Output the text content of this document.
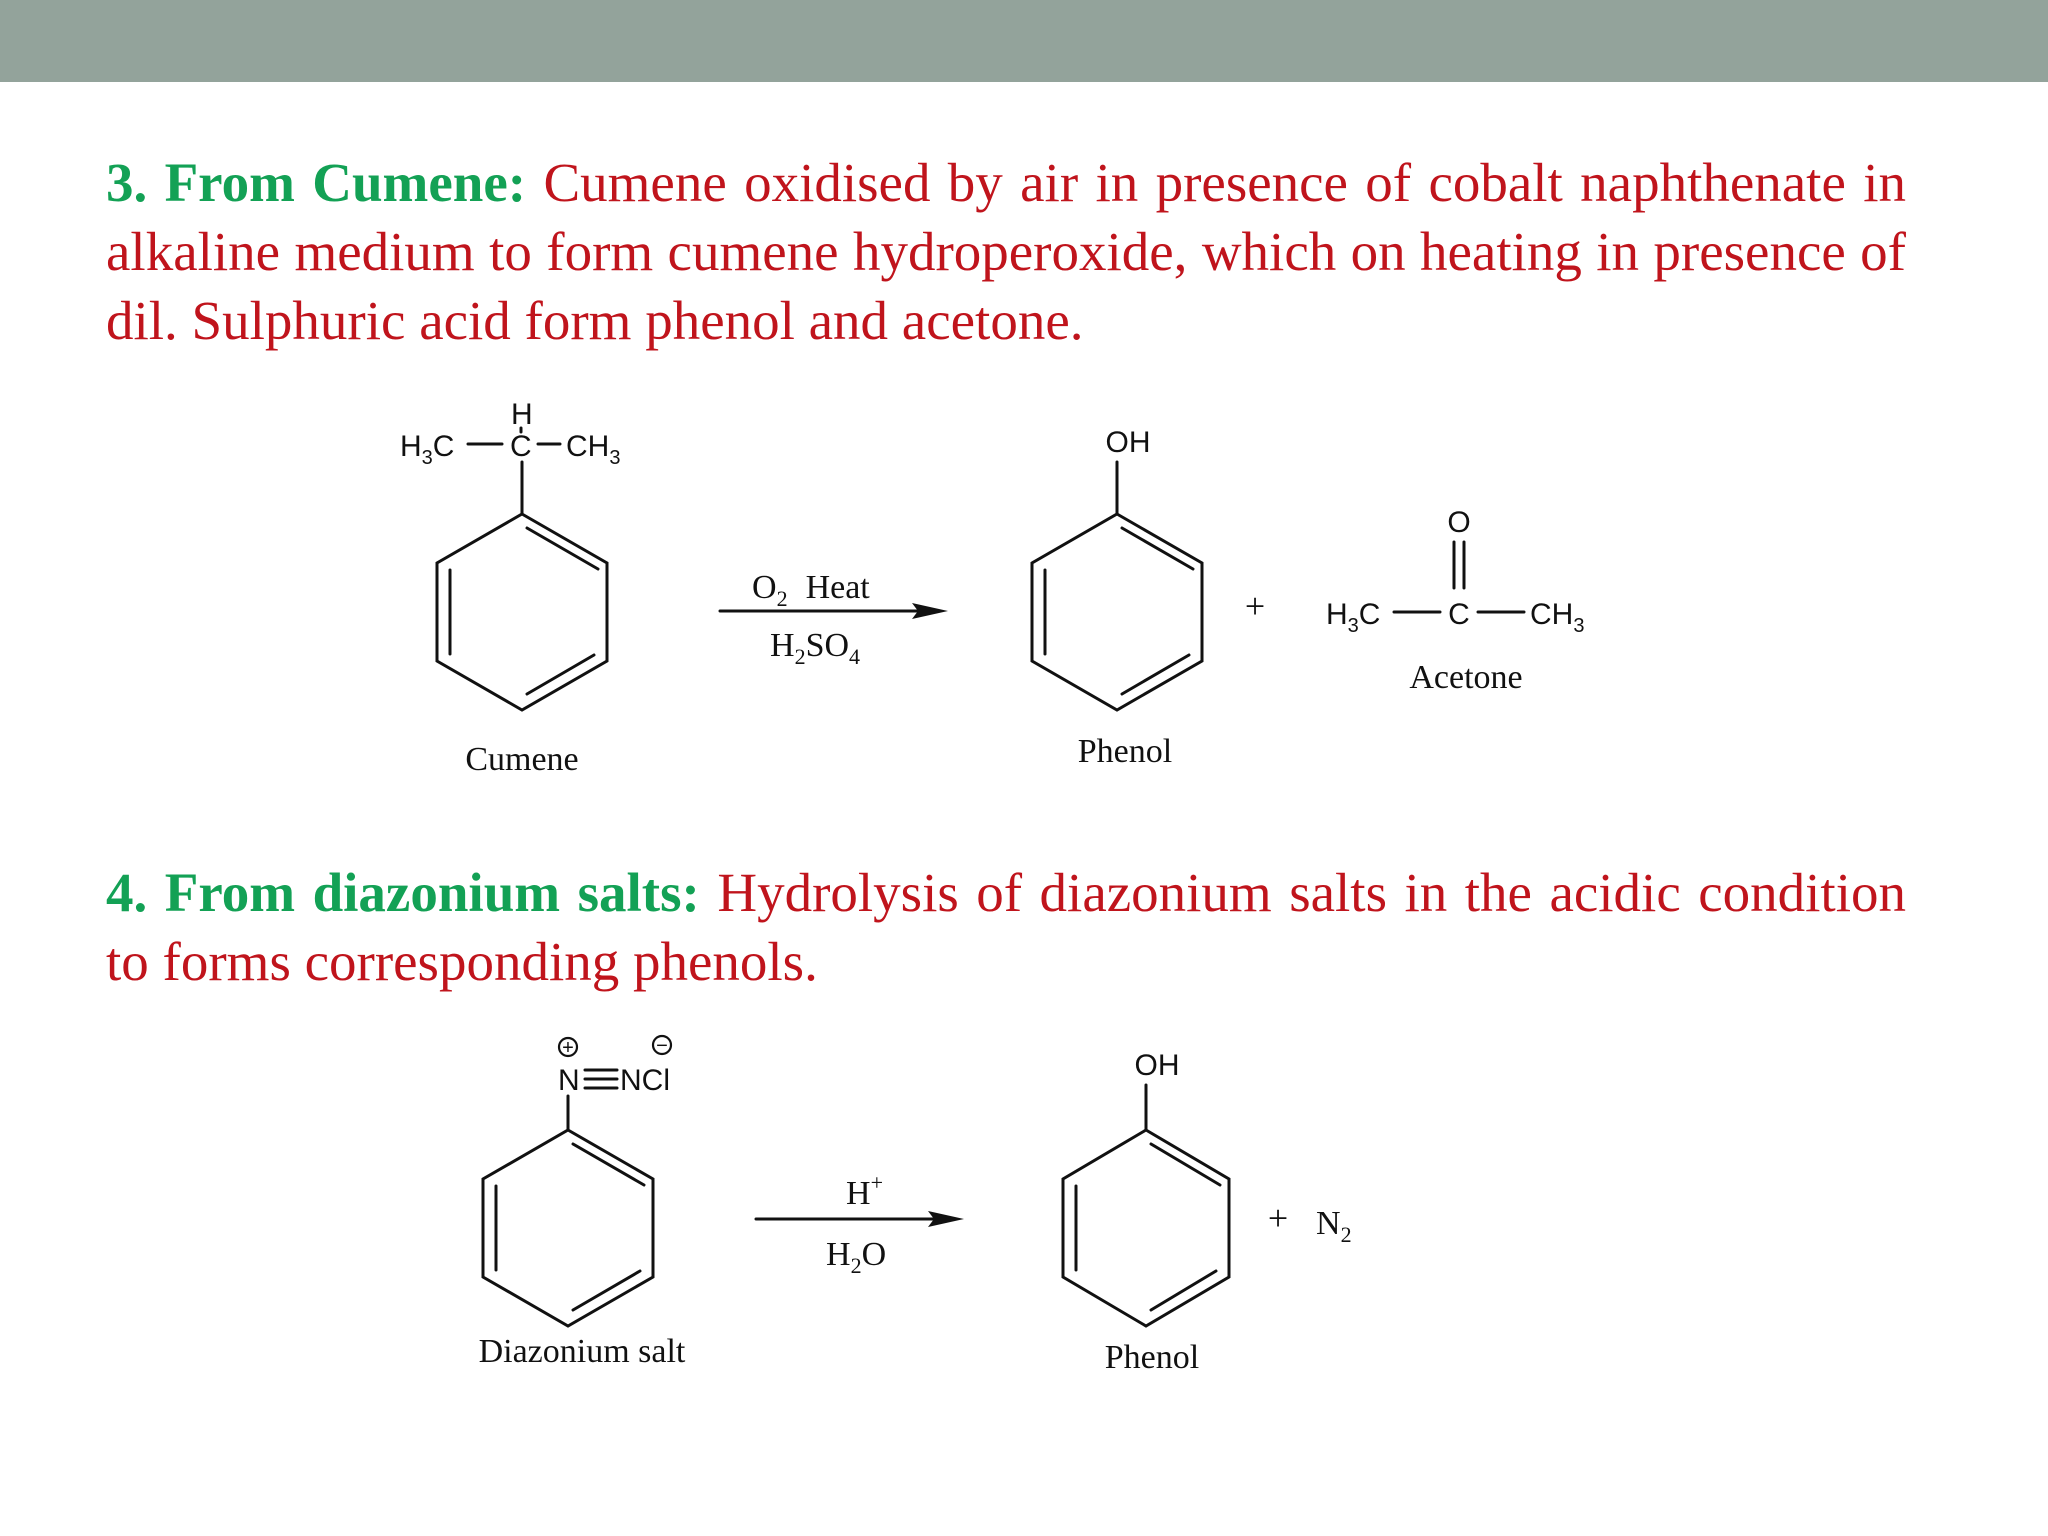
3. From Cumene: Cumene oxidised by air in presence of cobalt naphthenate in alkaline medium to form cumene hydroperoxide, which on heating in presence of dil. Sulphuric acid form phenol and acetone.

4. From diazonium salts: Hydrolysis of diazonium salts in the acidic condition to forms corresponding phenols.

$H_3C$
H
C $CH_3$
Cumene
$O_2$ Heat
$H_2SO_4$
OH
Phenol
+
O
$H_3C$ C $CH_3$
Acetone
+	−
N NCl
Diazonium salt
H+
$H_2O$
OH
Phenol
+ $N_2$
